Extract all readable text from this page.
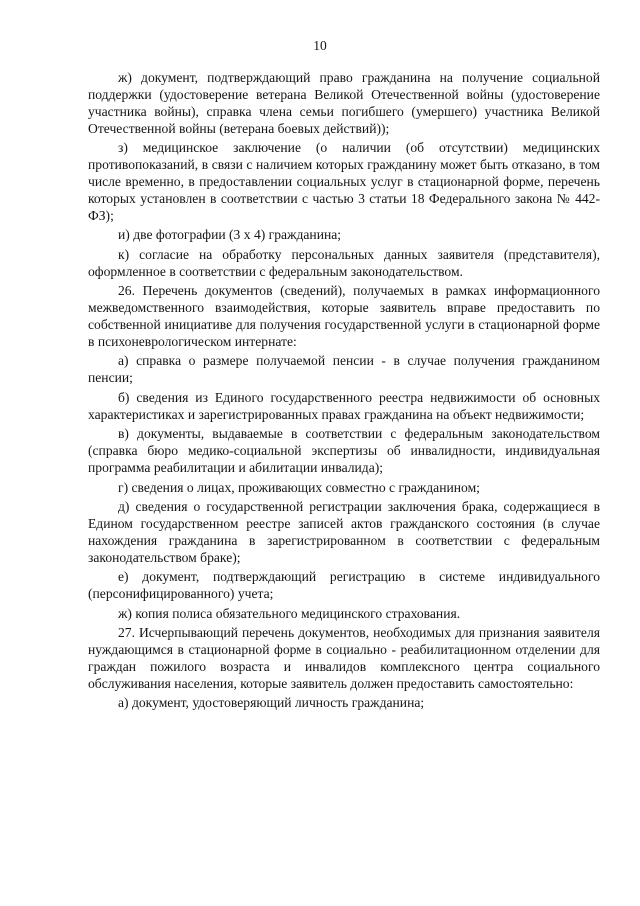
10

ж) документ, подтверждающий право гражданина на получение социальной поддержки (удостоверение ветерана Великой Отечественной войны (удостоверение участника войны), справка члена семьи погибшего (умершего) участника Великой Отечественной войны (ветерана боевых действий));

з) медицинское заключение (о наличии (об отсутствии) медицинских противопоказаний, в связи с наличием которых гражданину может быть отказано, в том числе временно, в предоставлении социальных услуг в стационарной форме, перечень которых установлен в соответствии с частью 3 статьи 18 Федерального закона № 442-ФЗ);

и) две фотографии (3 х 4) гражданина;

к) согласие на обработку персональных данных заявителя (представителя), оформленное в соответствии с федеральным законодательством.

26. Перечень документов (сведений), получаемых в рамках информационного межведомственного взаимодействия, которые заявитель вправе предоставить по собственной инициативе для получения государственной услуги в стационарной форме в психоневрологическом интернате:

а) справка о размере получаемой пенсии - в случае получения гражданином пенсии;

б) сведения из Единого государственного реестра недвижимости об основных характеристиках и зарегистрированных правах гражданина на объект недвижимости;

в) документы, выдаваемые в соответствии с федеральным законодательством (справка бюро медико-социальной экспертизы об инвалидности, индивидуальная программа реабилитации и абилитации инвалида);

г) сведения о лицах, проживающих совместно с гражданином;

д) сведения о государственной регистрации заключения брака, содержащиеся в Едином государственном реестре записей актов гражданского состояния (в случае нахождения гражданина в зарегистрированном в соответствии с федеральным законодательством браке);

е) документ, подтверждающий регистрацию в системе индивидуального (персонифицированного) учета;

ж) копия полиса обязательного медицинского страхования.

27. Исчерпывающий перечень документов, необходимых для признания заявителя нуждающимся в стационарной форме в социально - реабилитационном отделении для граждан пожилого возраста и инвалидов комплексного центра социального обслуживания населения, которые заявитель должен предоставить самостоятельно:

а) документ, удостоверяющий личность гражданина;
